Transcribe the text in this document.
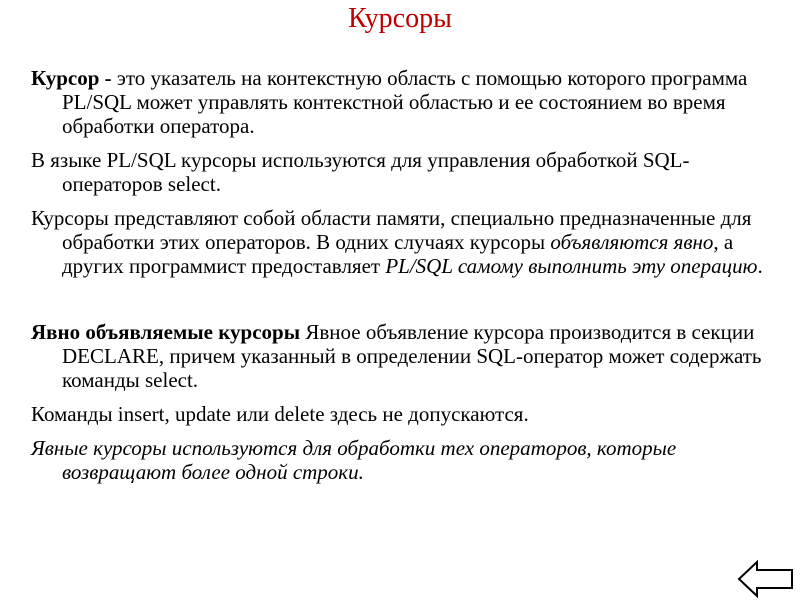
Курсоры

Курсор - это указатель на контекстную область с помощью которого программа PL/SQL может управлять контекстной областью и ее состоянием во время обработки оператора.

В языке PL/SQL курсоры используются для управления обработкой SQL-операторов select.

Курсоры представляют собой области памяти, специально предназначенные для обработки этих операторов. В одних случаях курсоры объявляются явно, а других программист предоставляет PL/SQL самому выполнить эту операцию.

Явно объявляемые курсоры Явное объявление курсора производится в секции DECLARE, причем указанный в определении SQL-оператор может содержать команды select.

Команды insert, update или delete здесь не допускаются.

Явные курсоры используются для обработки тех операторов, которые возвращают более одной строки.
